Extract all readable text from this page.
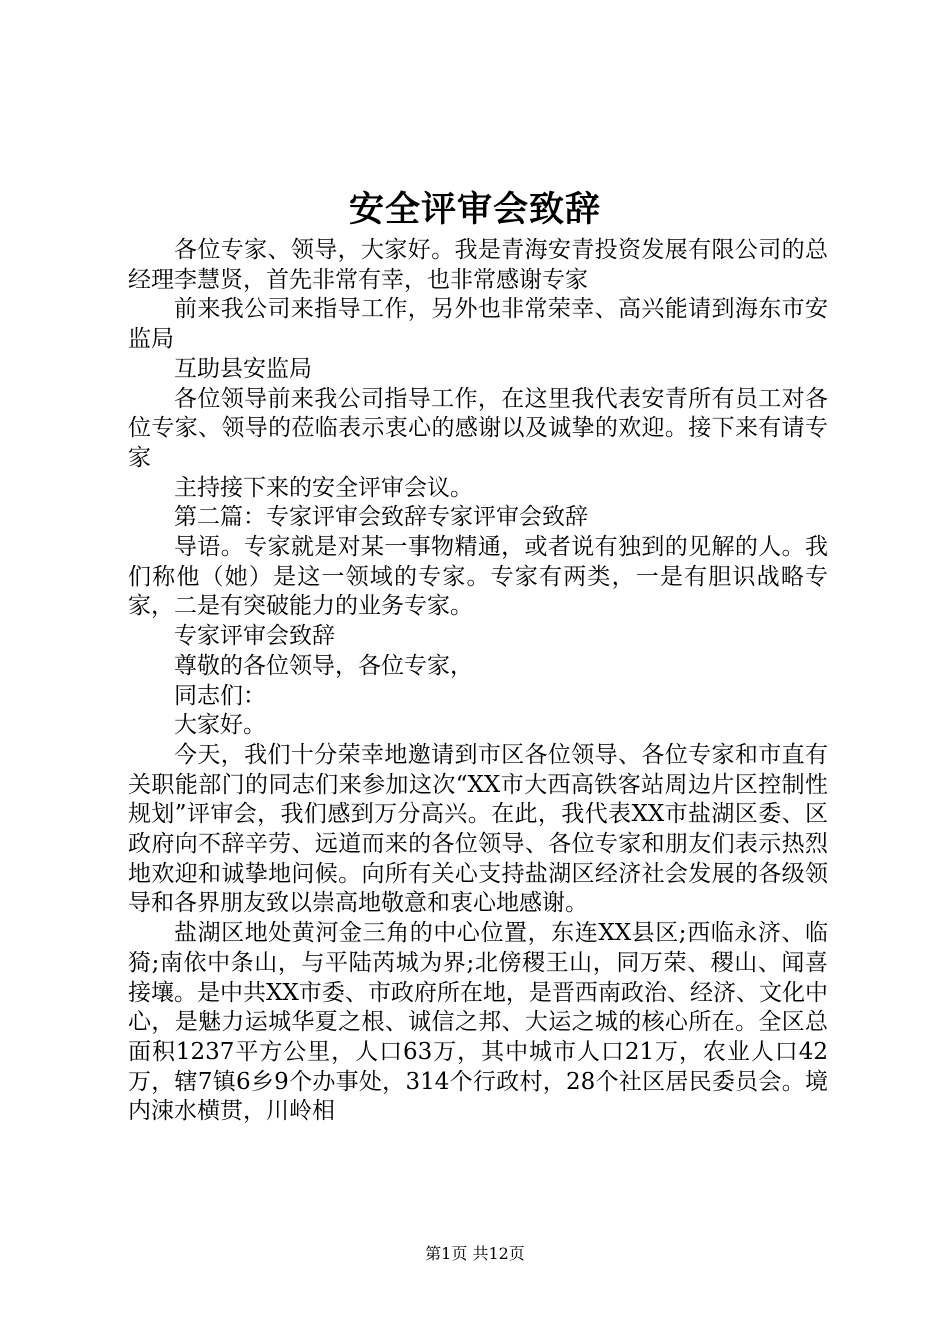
安全评审会致辞

各位专家、领导，大家好。我是青海安青投资发展有限公司的总经理李慧贤，首先非常有幸，也非常感谢专家

前来我公司来指导工作，另外也非常荣幸、高兴能请到海东市安监局

互助县安监局

各位领导前来我公司指导工作，在这里我代表安青所有员工对各位专家、领导的莅临表示衷心的感谢以及诚挚的欢迎。接下来有请专家

主持接下来的安全评审会议。

第二篇：专家评审会致辞专家评审会致辞

导语。专家就是对某一事物精通，或者说有独到的见解的人。我们称他（她）是这一领域的专家。专家有两类，一是有胆识战略专家，二是有突破能力的业务专家。

专家评审会致辞

尊敬的各位领导，各位专家，

同志们：

大家好。

今天，我们十分荣幸地邀请到市区各位领导、各位专家和市直有关职能部门的同志们来参加这次“XX市大西高铁客站周边片区控制性规划”评审会，我们感到万分高兴。在此，我代表XX市盐湖区委、区政府向不辞辛劳、远道而来的各位领导、各位专家和朋友们表示热烈地欢迎和诚挚地问候。向所有关心支持盐湖区经济社会发展的各级领导和各界朋友致以崇高地敬意和衷心地感谢。

盐湖区地处黄河金三角的中心位置，东连XX县区;西临永济、临猗;南依中条山，与平陆芮城为界;北傍稷王山，同万荣、稷山、闻喜接壤。是中共XX市委、市政府所在地，是晋西南政治、经济、文化中心，是魅力运城华夏之根、诚信之邦、大运之城的核心所在。全区总面积1237平方公里，人口63万，其中城市人口21万，农业人口42万，辖7镇6乡9个办事处，314个行政村，28个社区居民委员会。境内涑水横贯，川岭相

第1页 共12页
